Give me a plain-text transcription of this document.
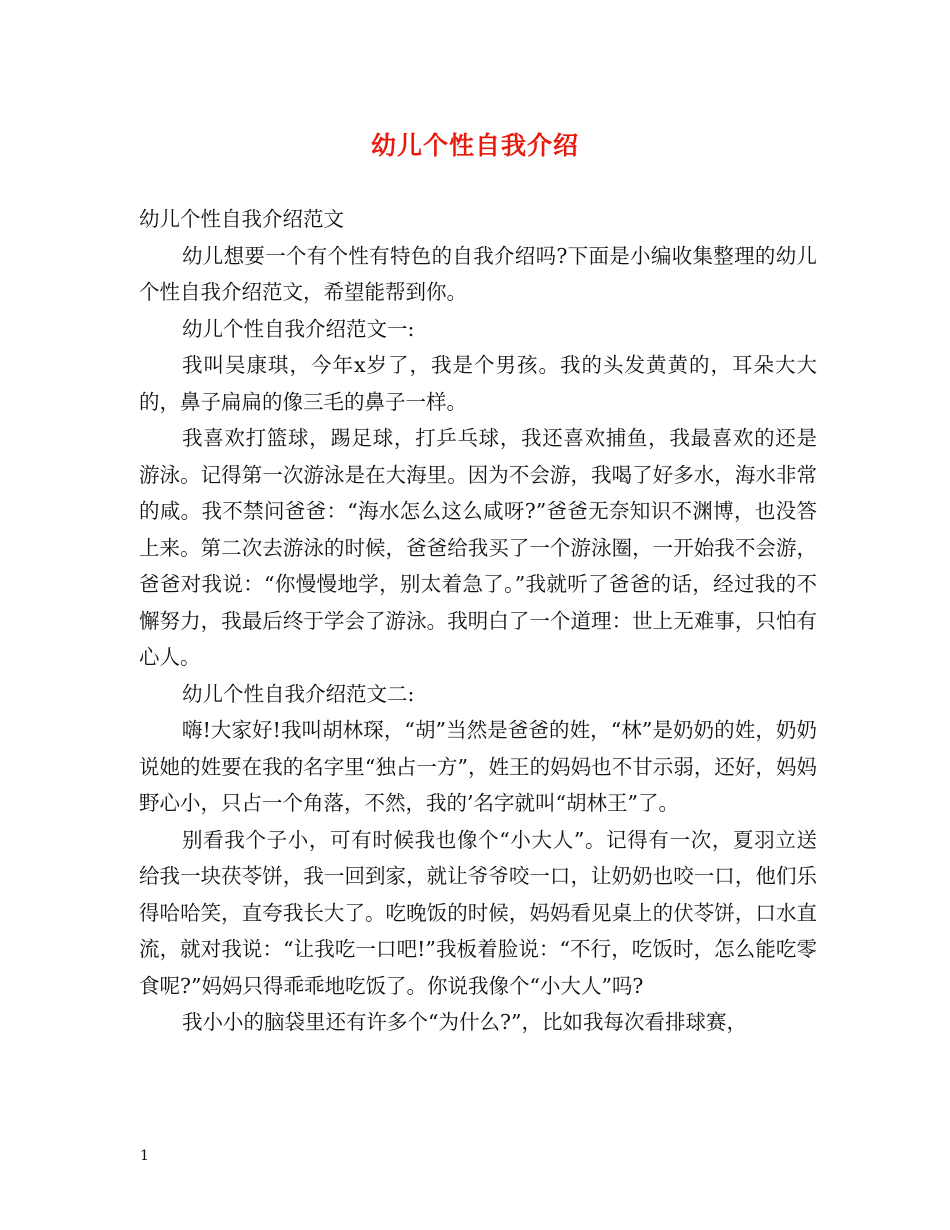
幼儿个性自我介绍

幼儿个性自我介绍范文

幼儿想要一个有个性有特色的自我介绍吗?下面是小编收集整理的幼儿个性自我介绍范文，希望能帮到你。

幼儿个性自我介绍范文一:

我叫吴康琪，今年x岁了，我是个男孩。我的头发黄黄的，耳朵大大的，鼻子扁扁的像三毛的鼻子一样。

我喜欢打篮球，踢足球，打乒乓球，我还喜欢捕鱼，我最喜欢的还是游泳。记得第一次游泳是在大海里。因为不会游，我喝了好多水，海水非常的咸。我不禁问爸爸：“海水怎么这么咸呀?”爸爸无奈知识不渊博，也没答上来。第二次去游泳的时候，爸爸给我买了一个游泳圈，一开始我不会游，爸爸对我说：“你慢慢地学，别太着急了。”我就听了爸爸的话，经过我的不懈努力，我最后终于学会了游泳。我明白了一个道理：世上无难事，只怕有心人。

幼儿个性自我介绍范文二:

嗨!大家好!我叫胡林琛，“胡”当然是爸爸的姓，“林”是奶奶的姓，奶奶说她的姓要在我的名字里“独占一方”，姓王的妈妈也不甘示弱，还好，妈妈野心小，只占一个角落，不然，我的’名字就叫“胡林王”了。

别看我个子小，可有时候我也像个“小大人”。记得有一次，夏羽立送给我一块茯苓饼，我一回到家，就让爷爷咬一口，让奶奶也咬一口，他们乐得哈哈笑，直夸我长大了。吃晚饭的时候，妈妈看见桌上的伏苓饼，口水直流，就对我说：“让我吃一口吧!”我板着脸说：“不行，吃饭时，怎么能吃零食呢?”妈妈只得乖乖地吃饭了。你说我像个“小大人”吗?

我小小的脑袋里还有许多个“为什么?”，比如我每次看排球赛，

1
